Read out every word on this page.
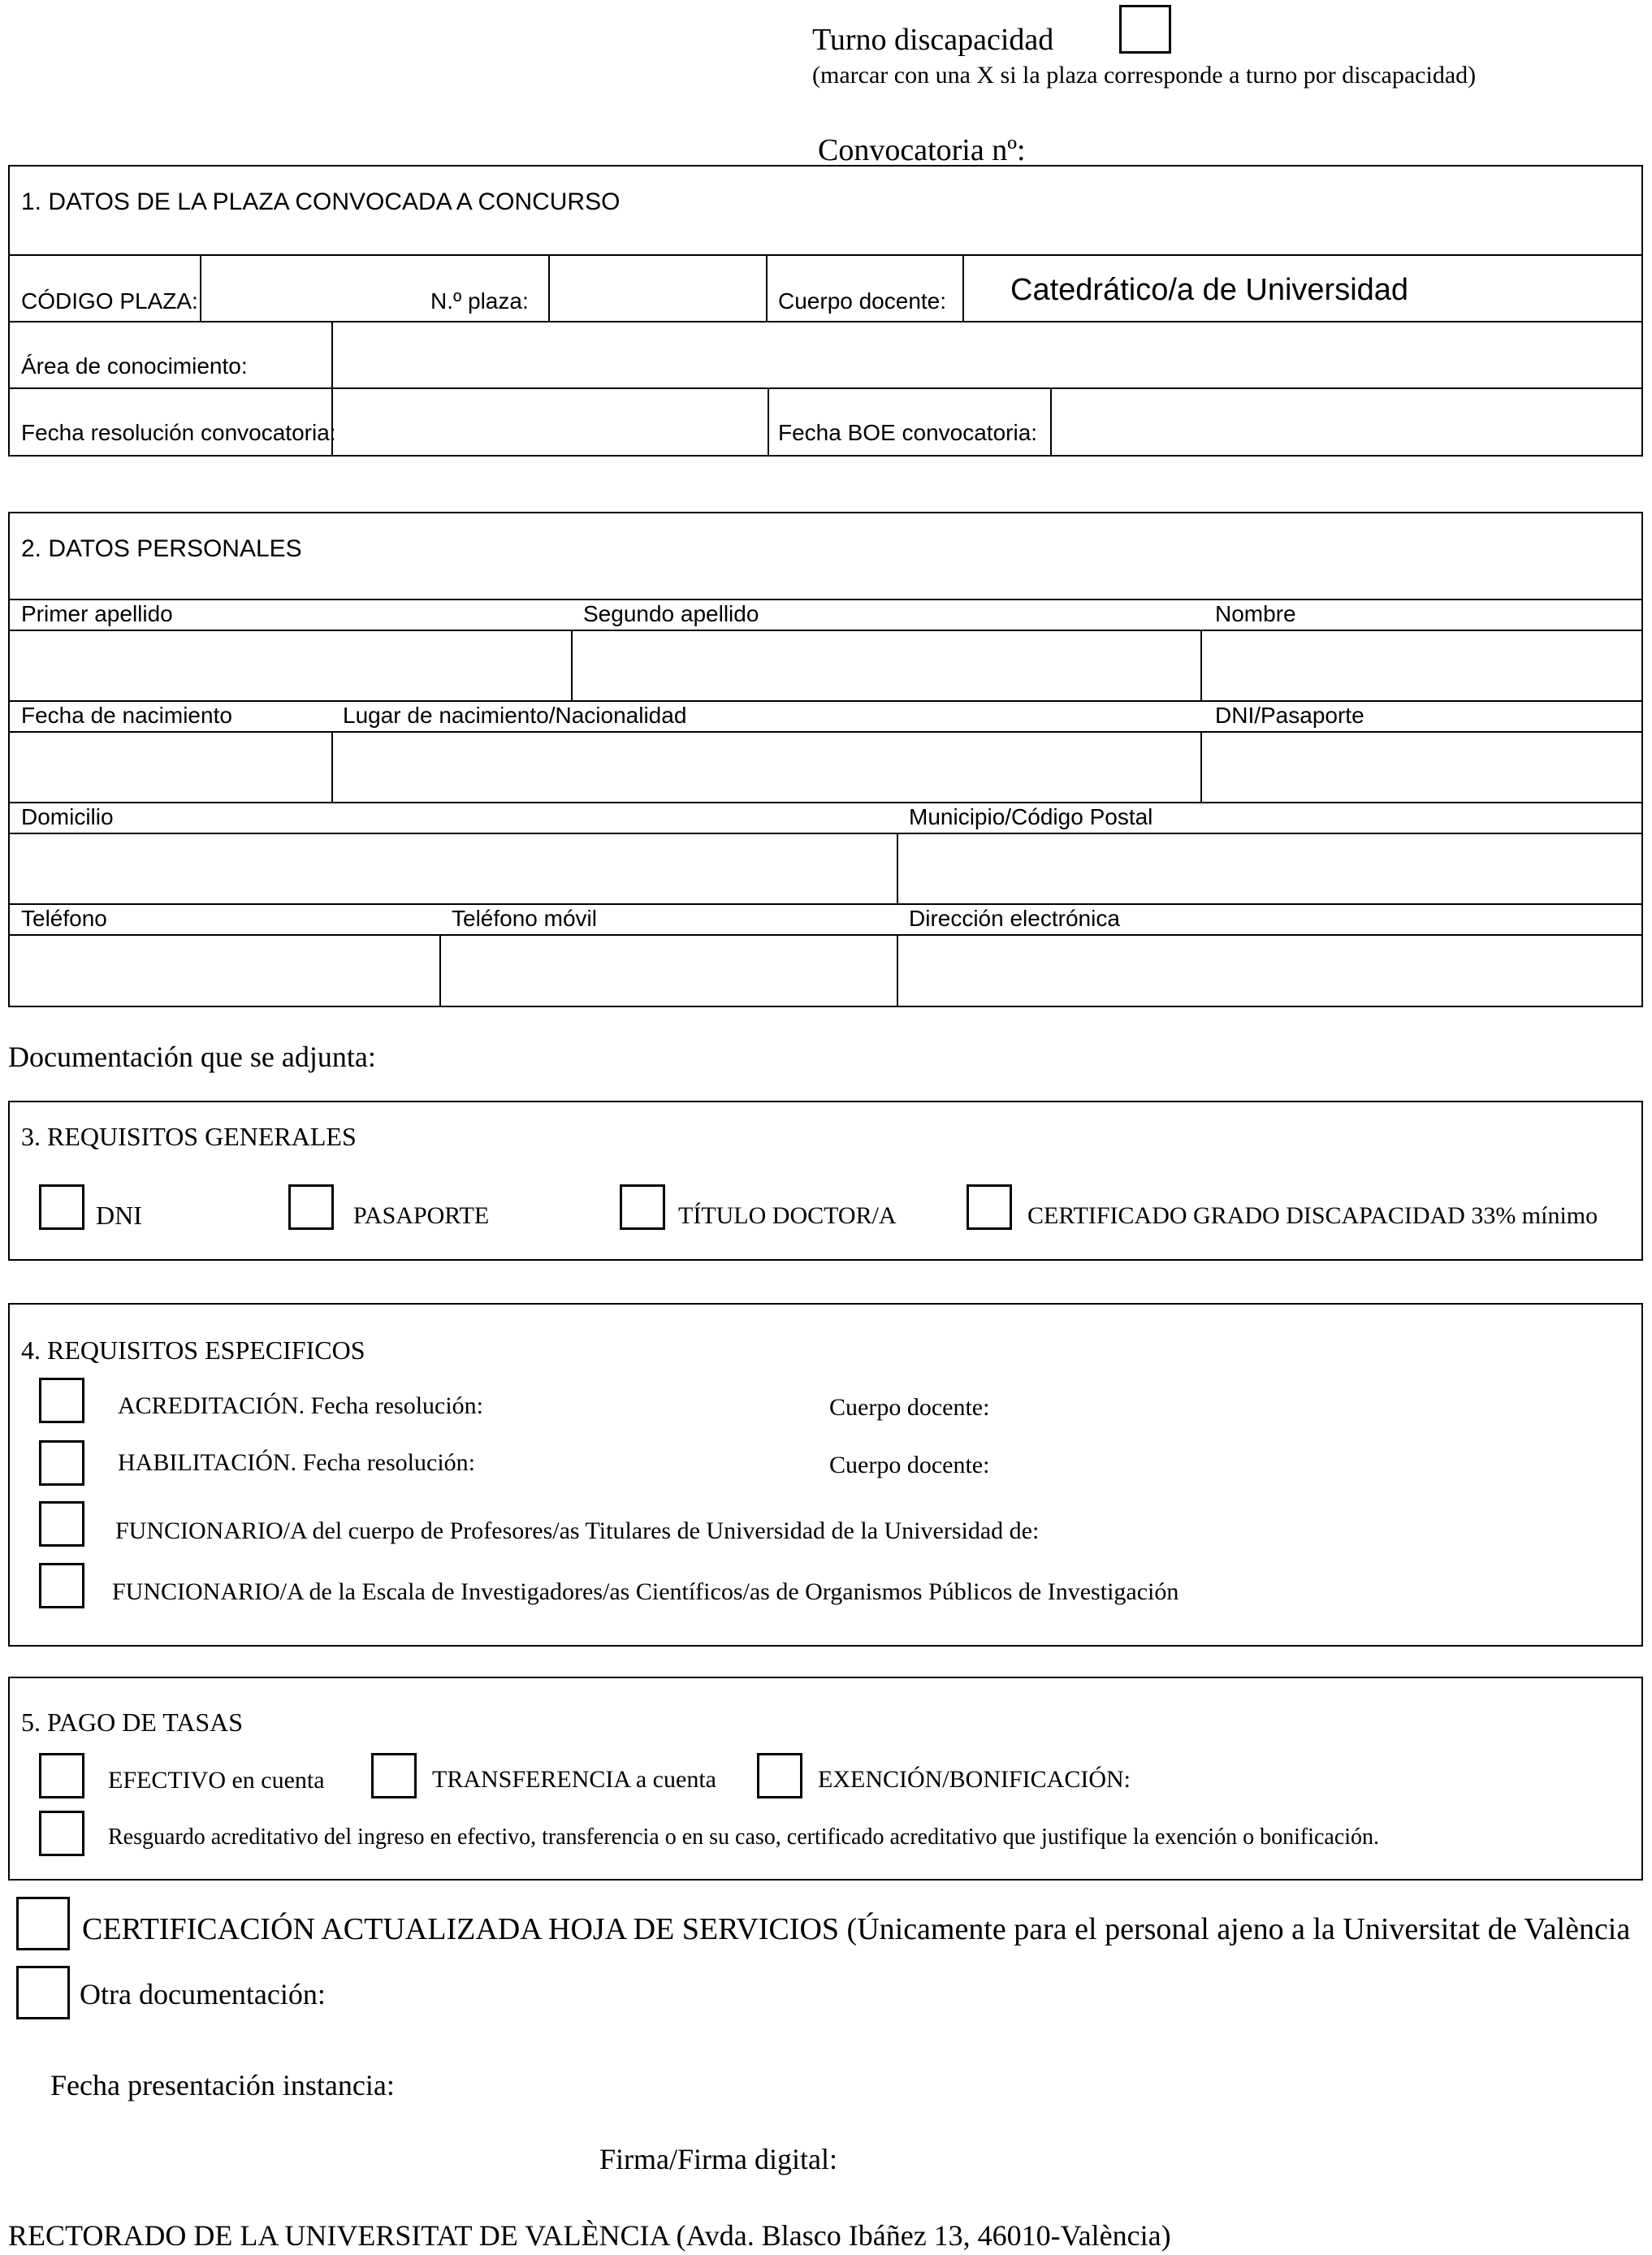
Turno discapacidad
(marcar con una X si la plaza corresponde a turno por discapacidad)
Convocatoria nº:
1. DATOS DE LA PLAZA CONVOCADA A CONCURSO
CÓDIGO PLAZA:	N.º plaza:	Cuerpo docente: Catedrático/a de Universidad
Área de conocimiento:
Fecha resolución convocatoria:	Fecha BOE convocatoria:
2. DATOS PERSONALES
Primer apellido	Segundo apellido	Nombre
Fecha de nacimiento	Lugar de nacimiento/Nacionalidad	DNI/Pasaporte
Domicilio	Municipio/Código Postal
Teléfono	Teléfono móvil	Dirección electrónica
Documentación que se adjunta:
3. REQUISITOS GENERALES
DNI	PASAPORTE	TÍTULO DOCTOR/A	CERTIFICADO GRADO DISCAPACIDAD 33% mínimo
4. REQUISITOS ESPECIFICOS
ACREDITACIÓN. Fecha resolución:	Cuerpo docente:
HABILITACIÓN. Fecha resolución:	Cuerpo docente:
FUNCIONARIO/A del cuerpo de Profesores/as Titulares de Universidad de la Universidad de:
FUNCIONARIO/A de la Escala de Investigadores/as Científicos/as de Organismos Públicos de Investigación
5. PAGO DE TASAS
EFECTIVO en cuenta	TRANSFERENCIA a cuenta	EXENCIÓN/BONIFICACIÓN:
Resguardo acreditativo del ingreso en efectivo, transferencia o en su caso, certificado acreditativo que justifique la exención o bonificación.
CERTIFICACIÓN ACTUALIZADA HOJA DE SERVICIOS (Únicamente para el personal ajeno a la Universitat de València
Otra documentación:
Fecha presentación instancia:
Firma/Firma digital:
RECTORADO DE LA UNIVERSITAT DE VALÈNCIA (Avda. Blasco Ibáñez 13, 46010-València)
